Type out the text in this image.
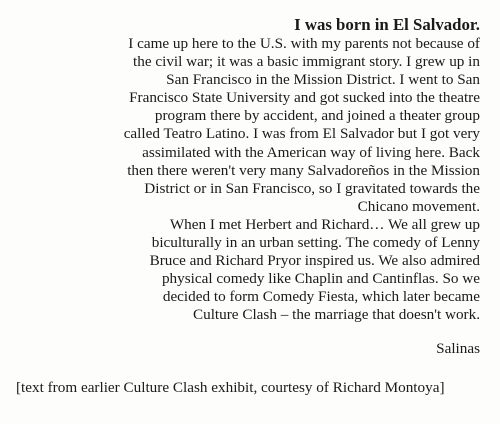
I was born in El Salvador.
I came up here to the U.S. with my parents not because of
the civil war; it was a basic immigrant story. I grew up in
San Francisco in the Mission District. I went to San
Francisco State University and got sucked into the theatre
program there by accident, and joined a theater group
called Teatro Latino. I was from El Salvador but I got very
assimilated with the American way of living here. Back
then there weren't very many Salvadoreños in the Mission
District or in San Francisco, so I gravitated towards the
Chicano movement.
When I met Herbert and Richard… We all grew up
biculturally in an urban setting. The comedy of Lenny
Bruce and Richard Pryor inspired us. We also admired
physical comedy like Chaplin and Cantinflas. So we
decided to form Comedy Fiesta, which later became
Culture Clash – the marriage that doesn't work.
Salinas
[text from earlier Culture Clash exhibit, courtesy of Richard Montoya]
